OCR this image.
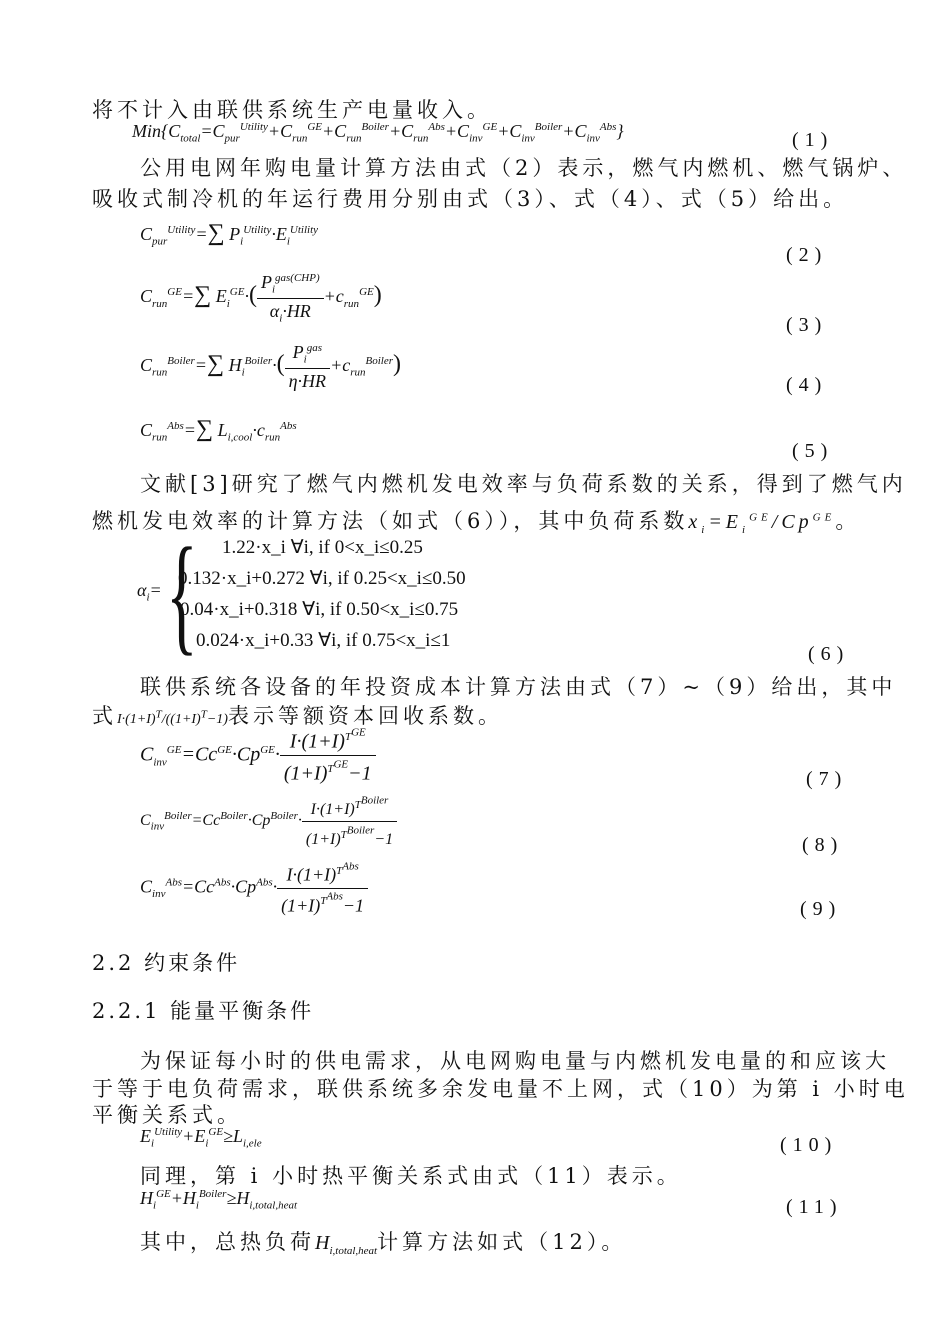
将不计入由联供系统生产电量收入。
$Min\{C_{total}=C_{pur}^{Utility}+C_{run}^{GE}+C_{run}^{Boiler}+C_{run}^{Abs}+C_{inv}^{GE}+C_{inv}^{Boiler}+C_{inv}^{Abs}\}$	(1)
公用电网年购电量计算方法由式（2）表示，燃气内燃机、燃气锅炉、
吸收式制冷机的年运行费用分别由式（3）、式（4）、式（5）给出。
$C_{pur}^{Utility}=\sum$ $P_i^{Utility}\cdot E_i^{Utility}$
(2)
$C_{run}^{GE}=\sum$ $E_i^{GE}\cdot( \frac{P_i^{gas(CHP)}}{\alpha_i\cdot HR} +c_{run}^{GE})$
(3)
$C_{run}^{Boiler}=\sum$ $H_i^{Boiler}\cdot( \frac{P_i^{gas}}{\eta\cdot HR} +c_{run}^{Boiler})$
(4)
$C_{run}^{Abs}=\sum$ $L_{i,cool}\cdot c_{run}^{Abs}$
(5)
文献[3]研究了燃气内燃机发电效率与负荷系数的关系，得到了燃气内
燃机发电效率的计算方法（如式（6）），其中负荷系数$x_i=E_i^{GE}/Cp^{GE}$。
$\alpha_i=$ { 1.22·x_i ∀i, if 0<x_i≤0.25
0.132·x_i+0.272 ∀i, if 0.25<x_i≤0.50
0.04·x_i+0.318 ∀i, if 0.50<x_i≤0.75
0.024·x_i+0.33 ∀i, if 0.75<x_i≤1
(6)
联供系统各设备的年投资成本计算方法由式（7）~（9）给出，其中
式$I\cdot(1+I)^T/((1+I)^T-1)$表示等额资本回收系数。
$C_{inv}^{GE}=Cc^{GE}\cdot Cp^{GE}\cdot \frac{I\cdot(1+I)^{T^{GE}}}{(1+I)^{T^{GE}}-1}$	(7)
$C_{inv}^{Boiler}=Cc^{Boiler}\cdot Cp^{Boiler}\cdot \frac{I\cdot(1+I)^{T^{Boiler}}}{(1+I)^{T^{Boiler}}-1}$	(8)
$C_{inv}^{Abs}=Cc^{Abs}\cdot Cp^{Abs}\cdot \frac{I\cdot(1+I)^{T^{Abs}}}{(1+I)^{T^{Abs}}-1}$	(9)
2.2 约束条件
2.2.1 能量平衡条件
为保证每小时的供电需求，从电网购电量与内燃机发电量的和应该大
于等于电负荷需求，联供系统多余发电量不上网，式（10）为第 i 小时电
平衡关系式。
$E_i^{Utility}+E_i^{GE}\ge L_{i,ele}$	(10)
同理，第 i 小时热平衡关系式由式（11）表示。
$H_i^{GE}+H_i^{Boiler}\ge H_{i,total,heat}$	(11)
其中，总热负荷$H_{i,total,heat}$计算方法如式（12）。
